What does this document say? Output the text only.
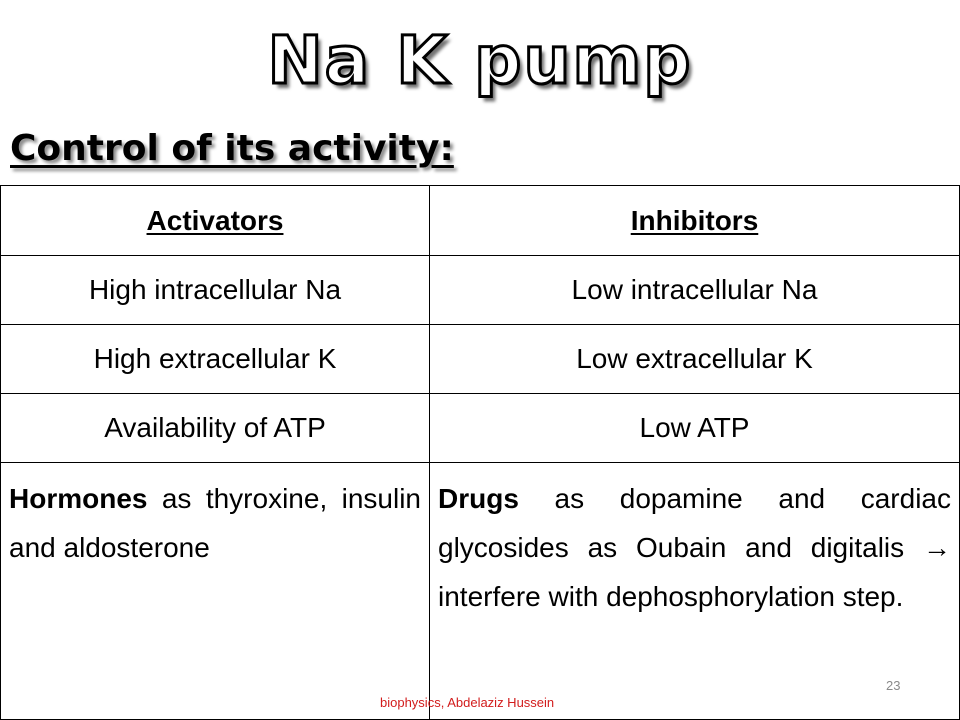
Na K pump
Control of its activity:
Activators	Inhibitors
High intracellular Na	Low intracellular Na
High extracellular K	Low extracellular K
Availability of ATP	Low ATP
Hormones as thyroxine, insulin and aldosterone	Drugs as dopamine and cardiac glycosides as Oubain and digitalis → interfere with dephosphorylation step.
biophysics, Abdelaziz Hussein
23
